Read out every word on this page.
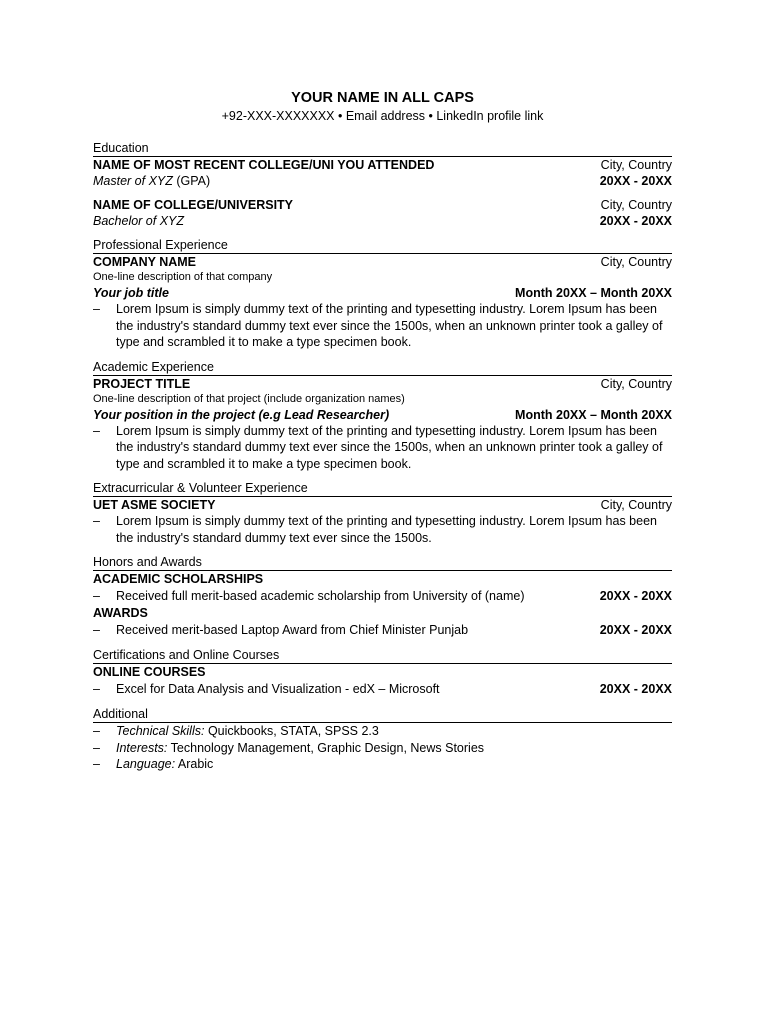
YOUR NAME IN ALL CAPS
+92-XXX-XXXXXXX • Email address • LinkedIn profile link
Education
NAME OF MOST RECENT COLLEGE/UNI YOU ATTENDED	City, Country
Master of XYZ (GPA)	20XX - 20XX
NAME OF COLLEGE/UNIVERSITY	City, Country
Bachelor of XYZ	20XX - 20XX
Professional Experience
COMPANY NAME	City, Country
One-line description of that company
Your job title	Month 20XX – Month 20XX
–	Lorem Ipsum is simply dummy text of the printing and typesetting industry. Lorem Ipsum has been the industry's standard dummy text ever since the 1500s, when an unknown printer took a galley of type and scrambled it to make a type specimen book.
Academic Experience
PROJECT TITLE	City, Country
One-line description of that project (include organization names)
Your position in the project (e.g Lead Researcher)	Month 20XX – Month 20XX
–	Lorem Ipsum is simply dummy text of the printing and typesetting industry. Lorem Ipsum has been the industry's standard dummy text ever since the 1500s, when an unknown printer took a galley of type and scrambled it to make a type specimen book.
Extracurricular & Volunteer Experience
UET ASME SOCIETY	City, Country
–	Lorem Ipsum is simply dummy text of the printing and typesetting industry. Lorem Ipsum has been the industry's standard dummy text ever since the 1500s.
Honors and Awards
ACADEMIC SCHOLARSHIPS
–	Received full merit-based academic scholarship from University of (name)	20XX - 20XX
AWARDS
–	Received merit-based Laptop Award from Chief Minister Punjab	20XX - 20XX
Certifications and Online Courses
ONLINE COURSES
–	Excel for Data Analysis and Visualization - edX – Microsoft	20XX - 20XX
Additional
–	Technical Skills: Quickbooks, STATA, SPSS 2.3
–	Interests: Technology Management, Graphic Design, News Stories
–	Language: Arabic
